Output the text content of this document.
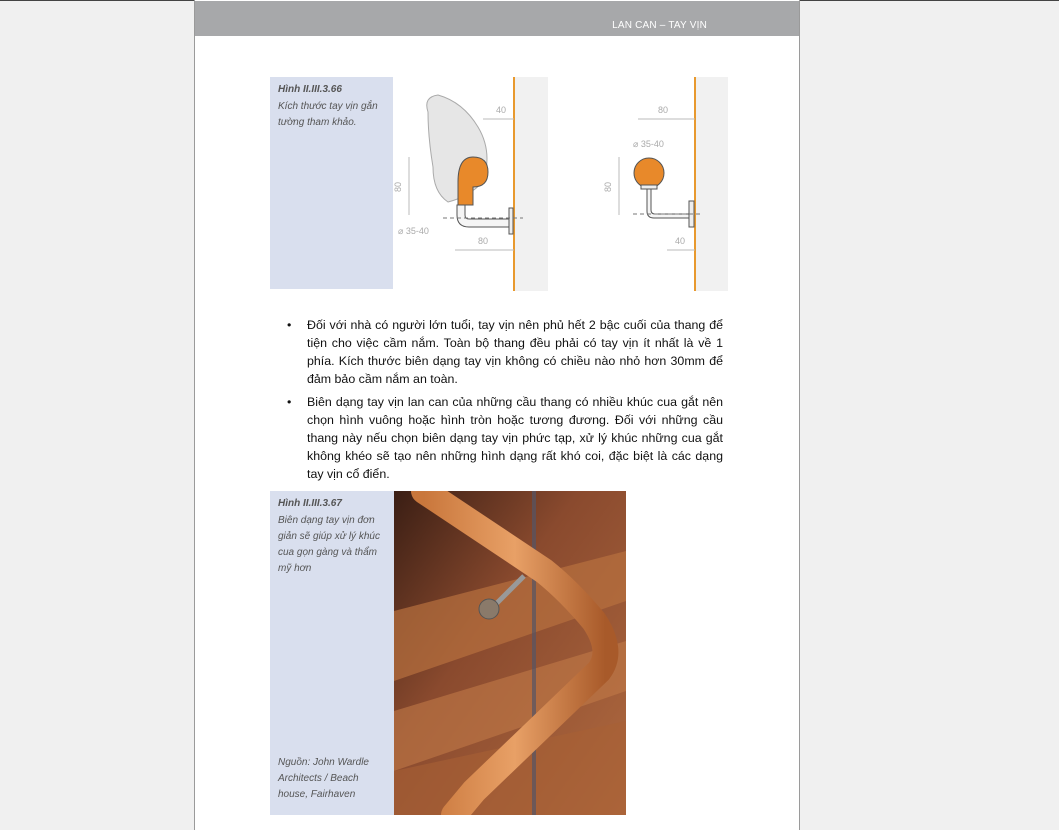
LAN CAN – TAY VỊN
Hình II.III.3.66
Kích thước tay vịn gắn tường tham khảo.
40
80
⌀ 35-40
80
80
⌀ 35-40
80
40
• Đối với nhà có người lớn tuổi, tay vịn nên phủ hết 2 bậc cuối của thang để tiện cho việc cầm nắm. Toàn bộ thang đều phải có tay vịn ít nhất là về 1 phía. Kích thước biên dạng tay vịn không có chiều nào nhỏ hơn 30mm để đảm bảo cầm nắm an toàn.
• Biên dạng tay vịn lan can của những cầu thang có nhiều khúc cua gắt nên chọn hình vuông hoặc hình tròn hoặc tương đương. Đối với những cầu thang này nếu chọn biên dạng tay vịn phức tạp, xử lý khúc những cua gắt không khéo sẽ tạo nên những hình dạng rất khó coi, đặc biệt là các dạng tay vịn cổ điển.
Hình II.III.3.67
Biên dạng tay vịn đơn giản sẽ giúp xử lý khúc cua gọn gàng và thẩm mỹ hơn
Nguồn: John Wardle Architects / Beach house, Fairhaven
